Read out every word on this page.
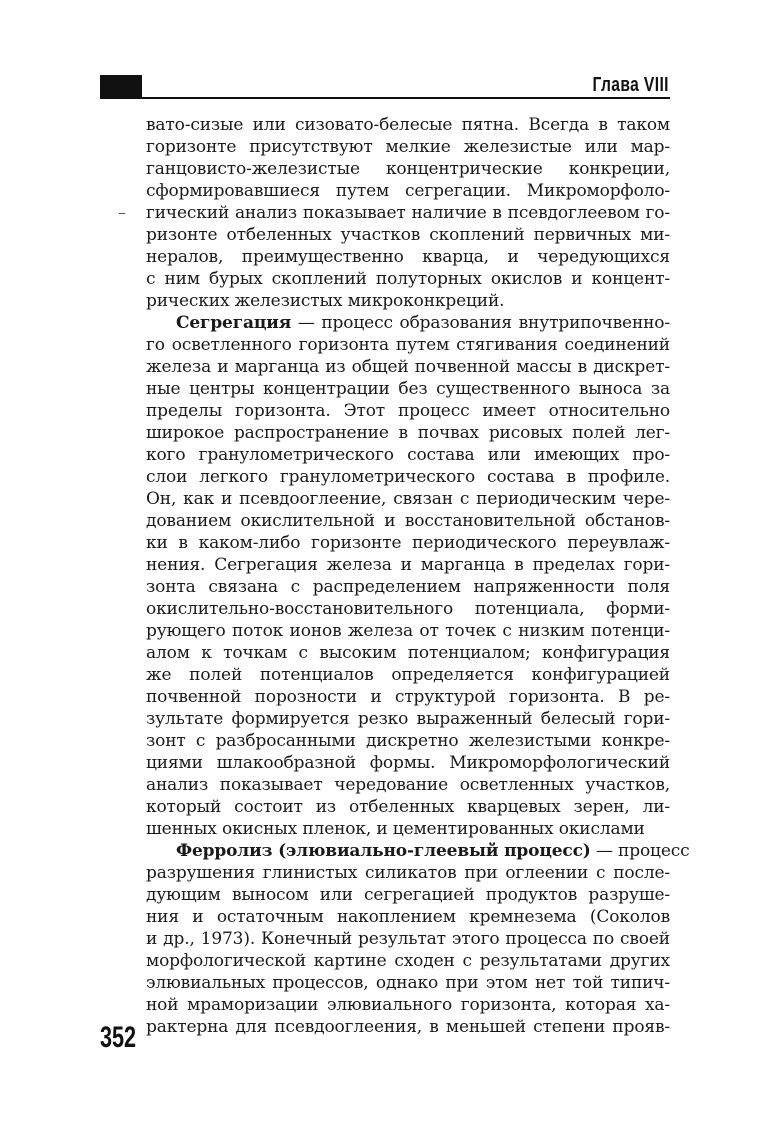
Глава VIII
вато-сизые или сизовато-белесые пятна. Всегда в таком
горизонте присутствуют мелкие железистые или мар-
ганцовисто-железистые концентрические конкреции,
сформировавшиеся путем сегрегации. Микроморфоло-
гический анализ показывает наличие в псевдоглеевом го-
ризонте отбеленных участков скоплений первичных ми-
нералов, преимущественно кварца, и чередующихся
с ним бурых скоплений полуторных окислов и концент-
рических железистых микроконкреций.
Сегрегация — процесс образования внутрипочвенно-
го осветленного горизонта путем стягивания соединений
железа и марганца из общей почвенной массы в дискрет-
ные центры концентрации без существенного выноса за
пределы горизонта. Этот процесс имеет относительно
широкое распространение в почвах рисовых полей лег-
кого гранулометрического состава или имеющих про-
слои легкого гранулометрического состава в профиле.
Он, как и псевдооглеение, связан с периодическим чере-
дованием окислительной и восстановительной обстанов-
ки в каком-либо горизонте периодического переувлаж-
нения. Сегрегация железа и марганца в пределах гори-
зонта связана с распределением напряженности поля
окислительно-восстановительного потенциала, форми-
рующего поток ионов железа от точек с низким потенци-
алом к точкам с высоким потенциалом; конфигурация
же полей потенциалов определяется конфигурацией
почвенной порозности и структурой горизонта. В ре-
зультате формируется резко выраженный белесый гори-
зонт с разбросанными дискретно железистыми конкре-
циями шлакообразной формы. Микроморфологический
анализ показывает чередование осветленных участков,
который состоит из отбеленных кварцевых зерен, ли-
шенных окисных пленок, и цементированных окислами
Ферролиз (элювиально-глеевый процесс) — процесс
разрушения глинистых силикатов при оглеении с после-
дующим выносом или сегрегацией продуктов разруше-
ния и остаточным накоплением кремнезема (Соколов
и др., 1973). Конечный результат этого процесса по своей
морфологической картине сходен с результатами других
элювиальных процессов, однако при этом нет той типич-
ной мраморизации элювиального горизонта, которая ха-
рактерна для псевдооглеения, в меньшей степени прояв-
352
